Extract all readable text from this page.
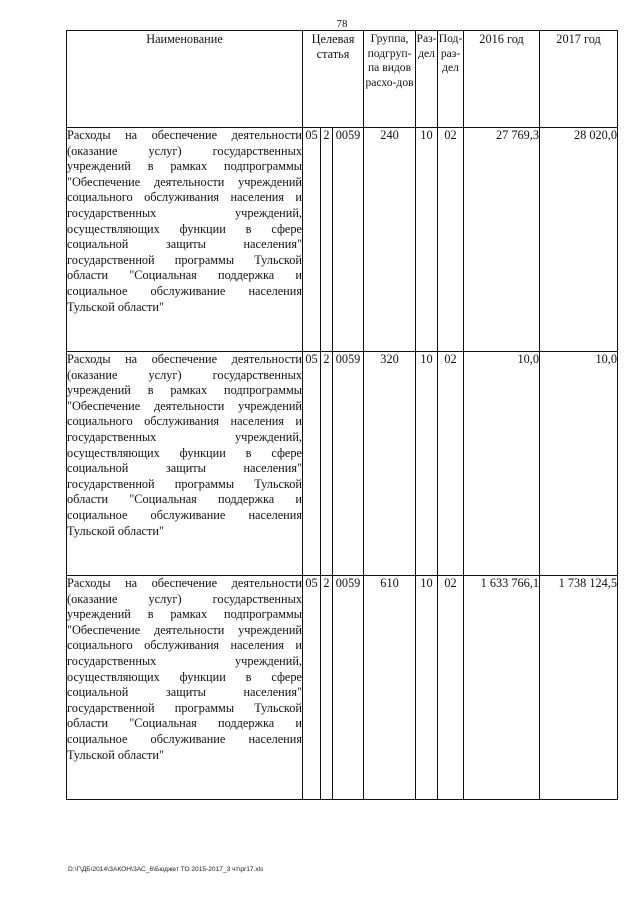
78
Наименование	Целевая статья			Группа, подгруп-па видов расхо-дов	Раз-дел	Под-раз-дел	2016 год	2017 год
Расходы на обеспечение деятельности (оказание услуг) государственных учреждений в рамках подпрограммы "Обеспечение деятельности учреждений социального обслуживания населения и государственных учреждений, осуществляющих функции в сфере социальной защиты населения" государственной программы Тульской области "Социальная поддержка и социальное обслуживание населения Тульской области"	05	2	0059	240	10	02	27 769,3	28 020,0
Расходы на обеспечение деятельности (оказание услуг) государственных учреждений в рамках подпрограммы "Обеспечение деятельности учреждений социального обслуживания населения и государственных учреждений, осуществляющих функции в сфере социальной защиты населения" государственной программы Тульской области "Социальная поддержка и социальное обслуживание населения Тульской области"	05	2	0059	320	10	02	10,0	10,0
Расходы на обеспечение деятельности (оказание услуг) государственных учреждений в рамках подпрограммы "Обеспечение деятельности учреждений социального обслуживания населения и государственных учреждений, осуществляющих функции в сфере социальной защиты населения" государственной программы Тульской области "Социальная поддержка и социальное обслуживание населения Тульской области"	05	2	0059	610	10	02	1 633 766,1	1 738 124,5
D:\Г\ДБ\2014\ЗАКОН\ЗАС_6\Бюджет ТО 2015-2017_3 чт\pr17.xls
